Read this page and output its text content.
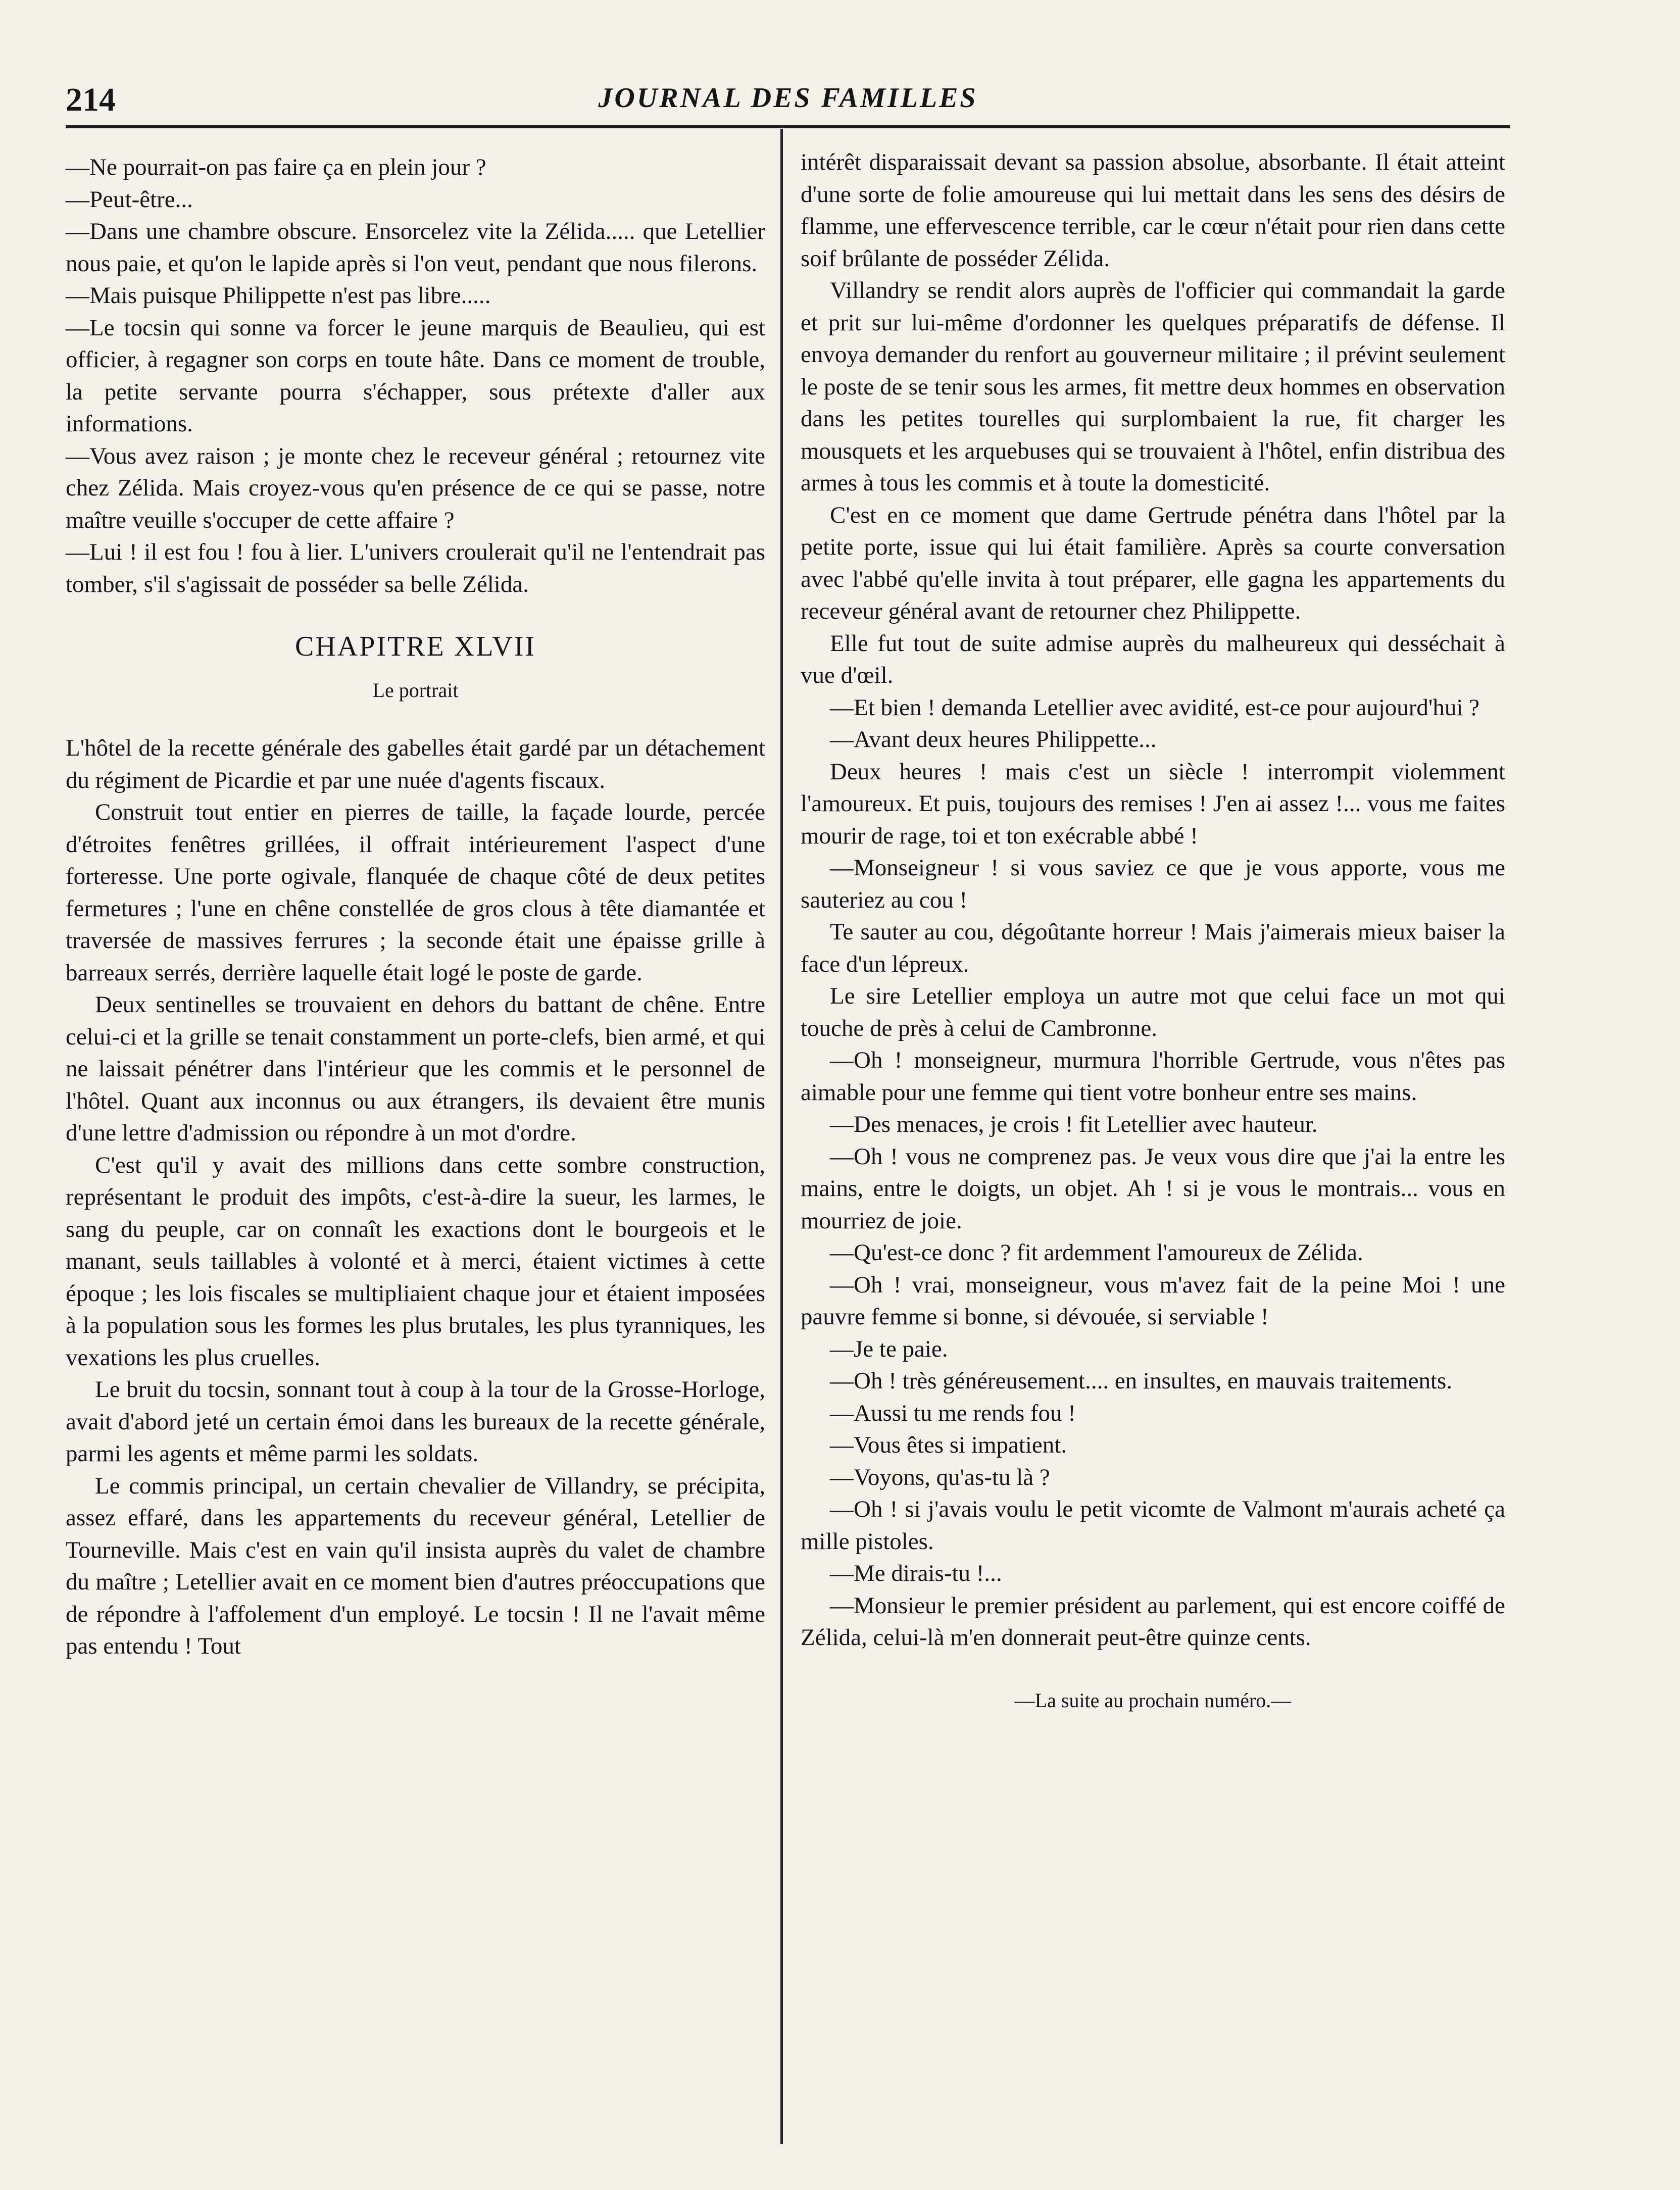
214	JOURNAL DES FAMILLES

—Ne pourrait-on pas faire ça en plein jour ?

—Peut-être...

—Dans une chambre obscure. Ensorcelez vite la Zélida..... que Letellier nous paie, et qu'on le lapide après si l'on veut, pendant que nous filerons.

—Mais puisque Philippette n'est pas libre.....

—Le tocsin qui sonne va forcer le jeune marquis de Beaulieu, qui est officier, à regagner son corps en toute hâte. Dans ce moment de trouble, la petite servante pourra s'échapper, sous prétexte d'aller aux informations.

—Vous avez raison ; je monte chez le receveur général ; retournez vite chez Zélida. Mais croyez-vous qu'en présence de ce qui se passe, notre maître veuille s'occuper de cette affaire ?

—Lui ! il est fou ! fou à lier. L'univers croulerait qu'il ne l'entendrait pas tomber, s'il s'agissait de posséder sa belle Zélida.

CHAPITRE XLVII

Le portrait

L'hôtel de la recette générale des gabelles était gardé par un détachement du régiment de Picardie et par une nuée d'agents fiscaux.

Construit tout entier en pierres de taille, la façade lourde, percée d'étroites fenêtres grillées, il offrait intérieurement l'aspect d'une forteresse. Une porte ogivale, flanquée de chaque côté de deux petites fermetures ; l'une en chêne constellée de gros clous à tête diamantée et traversée de massives ferrures ; la seconde était une épaisse grille à barreaux serrés, derrière laquelle était logé le poste de garde.

Deux sentinelles se trouvaient en dehors du battant de chêne. Entre celui-ci et la grille se tenait constamment un porte-clefs, bien armé, et qui ne laissait pénétrer dans l'intérieur que les commis et le personnel de l'hôtel. Quant aux inconnus ou aux étrangers, ils devaient être munis d'une lettre d'admission ou répondre à un mot d'ordre.

C'est qu'il y avait des millions dans cette sombre construction, représentant le produit des impôts, c'est-à-dire la sueur, les larmes, le sang du peuple, car on connaît les exactions dont le bourgeois et le manant, seuls taillables à volonté et à merci, étaient victimes à cette époque ; les lois fiscales se multipliaient chaque jour et étaient imposées à la population sous les formes les plus brutales, les plus tyranniques, les vexations les plus cruelles.

Le bruit du tocsin, sonnant tout à coup à la tour de la Grosse-Horloge, avait d'abord jeté un certain émoi dans les bureaux de la recette générale, parmi les agents et même parmi les soldats.

Le commis principal, un certain chevalier de Villandry, se précipita, assez effaré, dans les appartements du receveur général, Letellier de Tourneville. Mais c'est en vain qu'il insista auprès du valet de chambre du maître ; Letellier avait en ce moment bien d'autres préoccupations que de répondre à l'affolement d'un employé. Le tocsin ! Il ne l'avait même pas entendu ! Tout

intérêt disparaissait devant sa passion absolue, absorbante. Il était atteint d'une sorte de folie amoureuse qui lui mettait dans les sens des désirs de flamme, une effervescence terrible, car le cœur n'était pour rien dans cette soif brûlante de posséder Zélida.

Villandry se rendit alors auprès de l'officier qui commandait la garde et prit sur lui-même d'ordonner les quelques préparatifs de défense. Il envoya demander du renfort au gouverneur militaire ; il prévint seulement le poste de se tenir sous les armes, fit mettre deux hommes en observation dans les petites tourelles qui surplombaient la rue, fit charger les mousquets et les arquebuses qui se trouvaient à l'hôtel, enfin distribua des armes à tous les commis et à toute la domesticité.

C'est en ce moment que dame Gertrude pénétra dans l'hôtel par la petite porte, issue qui lui était familière. Après sa courte conversation avec l'abbé qu'elle invita à tout préparer, elle gagna les appartements du receveur général avant de retourner chez Philippette.

Elle fut tout de suite admise auprès du malheureux qui desséchait à vue d'œil.

—Et bien ! demanda Letellier avec avidité, est-ce pour aujourd'hui ?

—Avant deux heures Philippette...

Deux heures ! mais c'est un siècle ! interrompit violemment l'amoureux. Et puis, toujours des remises ! J'en ai assez !... vous me faites mourir de rage, toi et ton exécrable abbé !

—Monseigneur ! si vous saviez ce que je vous apporte, vous me sauteriez au cou !

Te sauter au cou, dégoûtante horreur ! Mais j'aimerais mieux baiser la face d'un lépreux.

Le sire Letellier employa un autre mot que celui face un mot qui touche de près à celui de Cambronne.

—Oh ! monseigneur, murmura l'horrible Gertrude, vous n'êtes pas aimable pour une femme qui tient votre bonheur entre ses mains.

—Des menaces, je crois ! fit Letellier avec hauteur.

—Oh ! vous ne comprenez pas. Je veux vous dire que j'ai la entre les mains, entre le doigts, un objet. Ah ! si je vous le montrais... vous en mourriez de joie.

—Qu'est-ce donc ? fit ardemment l'amoureux de Zélida.

—Oh ! vrai, monseigneur, vous m'avez fait de la peine Moi ! une pauvre femme si bonne, si dévouée, si serviable !

—Je te paie.

—Oh ! très généreusement.... en insultes, en mauvais traitements.

—Aussi tu me rends fou !

—Vous êtes si impatient.

—Voyons, qu'as-tu là ?

—Oh ! si j'avais voulu le petit vicomte de Valmont m'aurais acheté ça mille pistoles.

—Me dirais-tu !...

—Monsieur le premier président au parlement, qui est encore coiffé de Zélida, celui-là m'en donnerait peut-être quinze cents.

—La suite au prochain numéro.—
